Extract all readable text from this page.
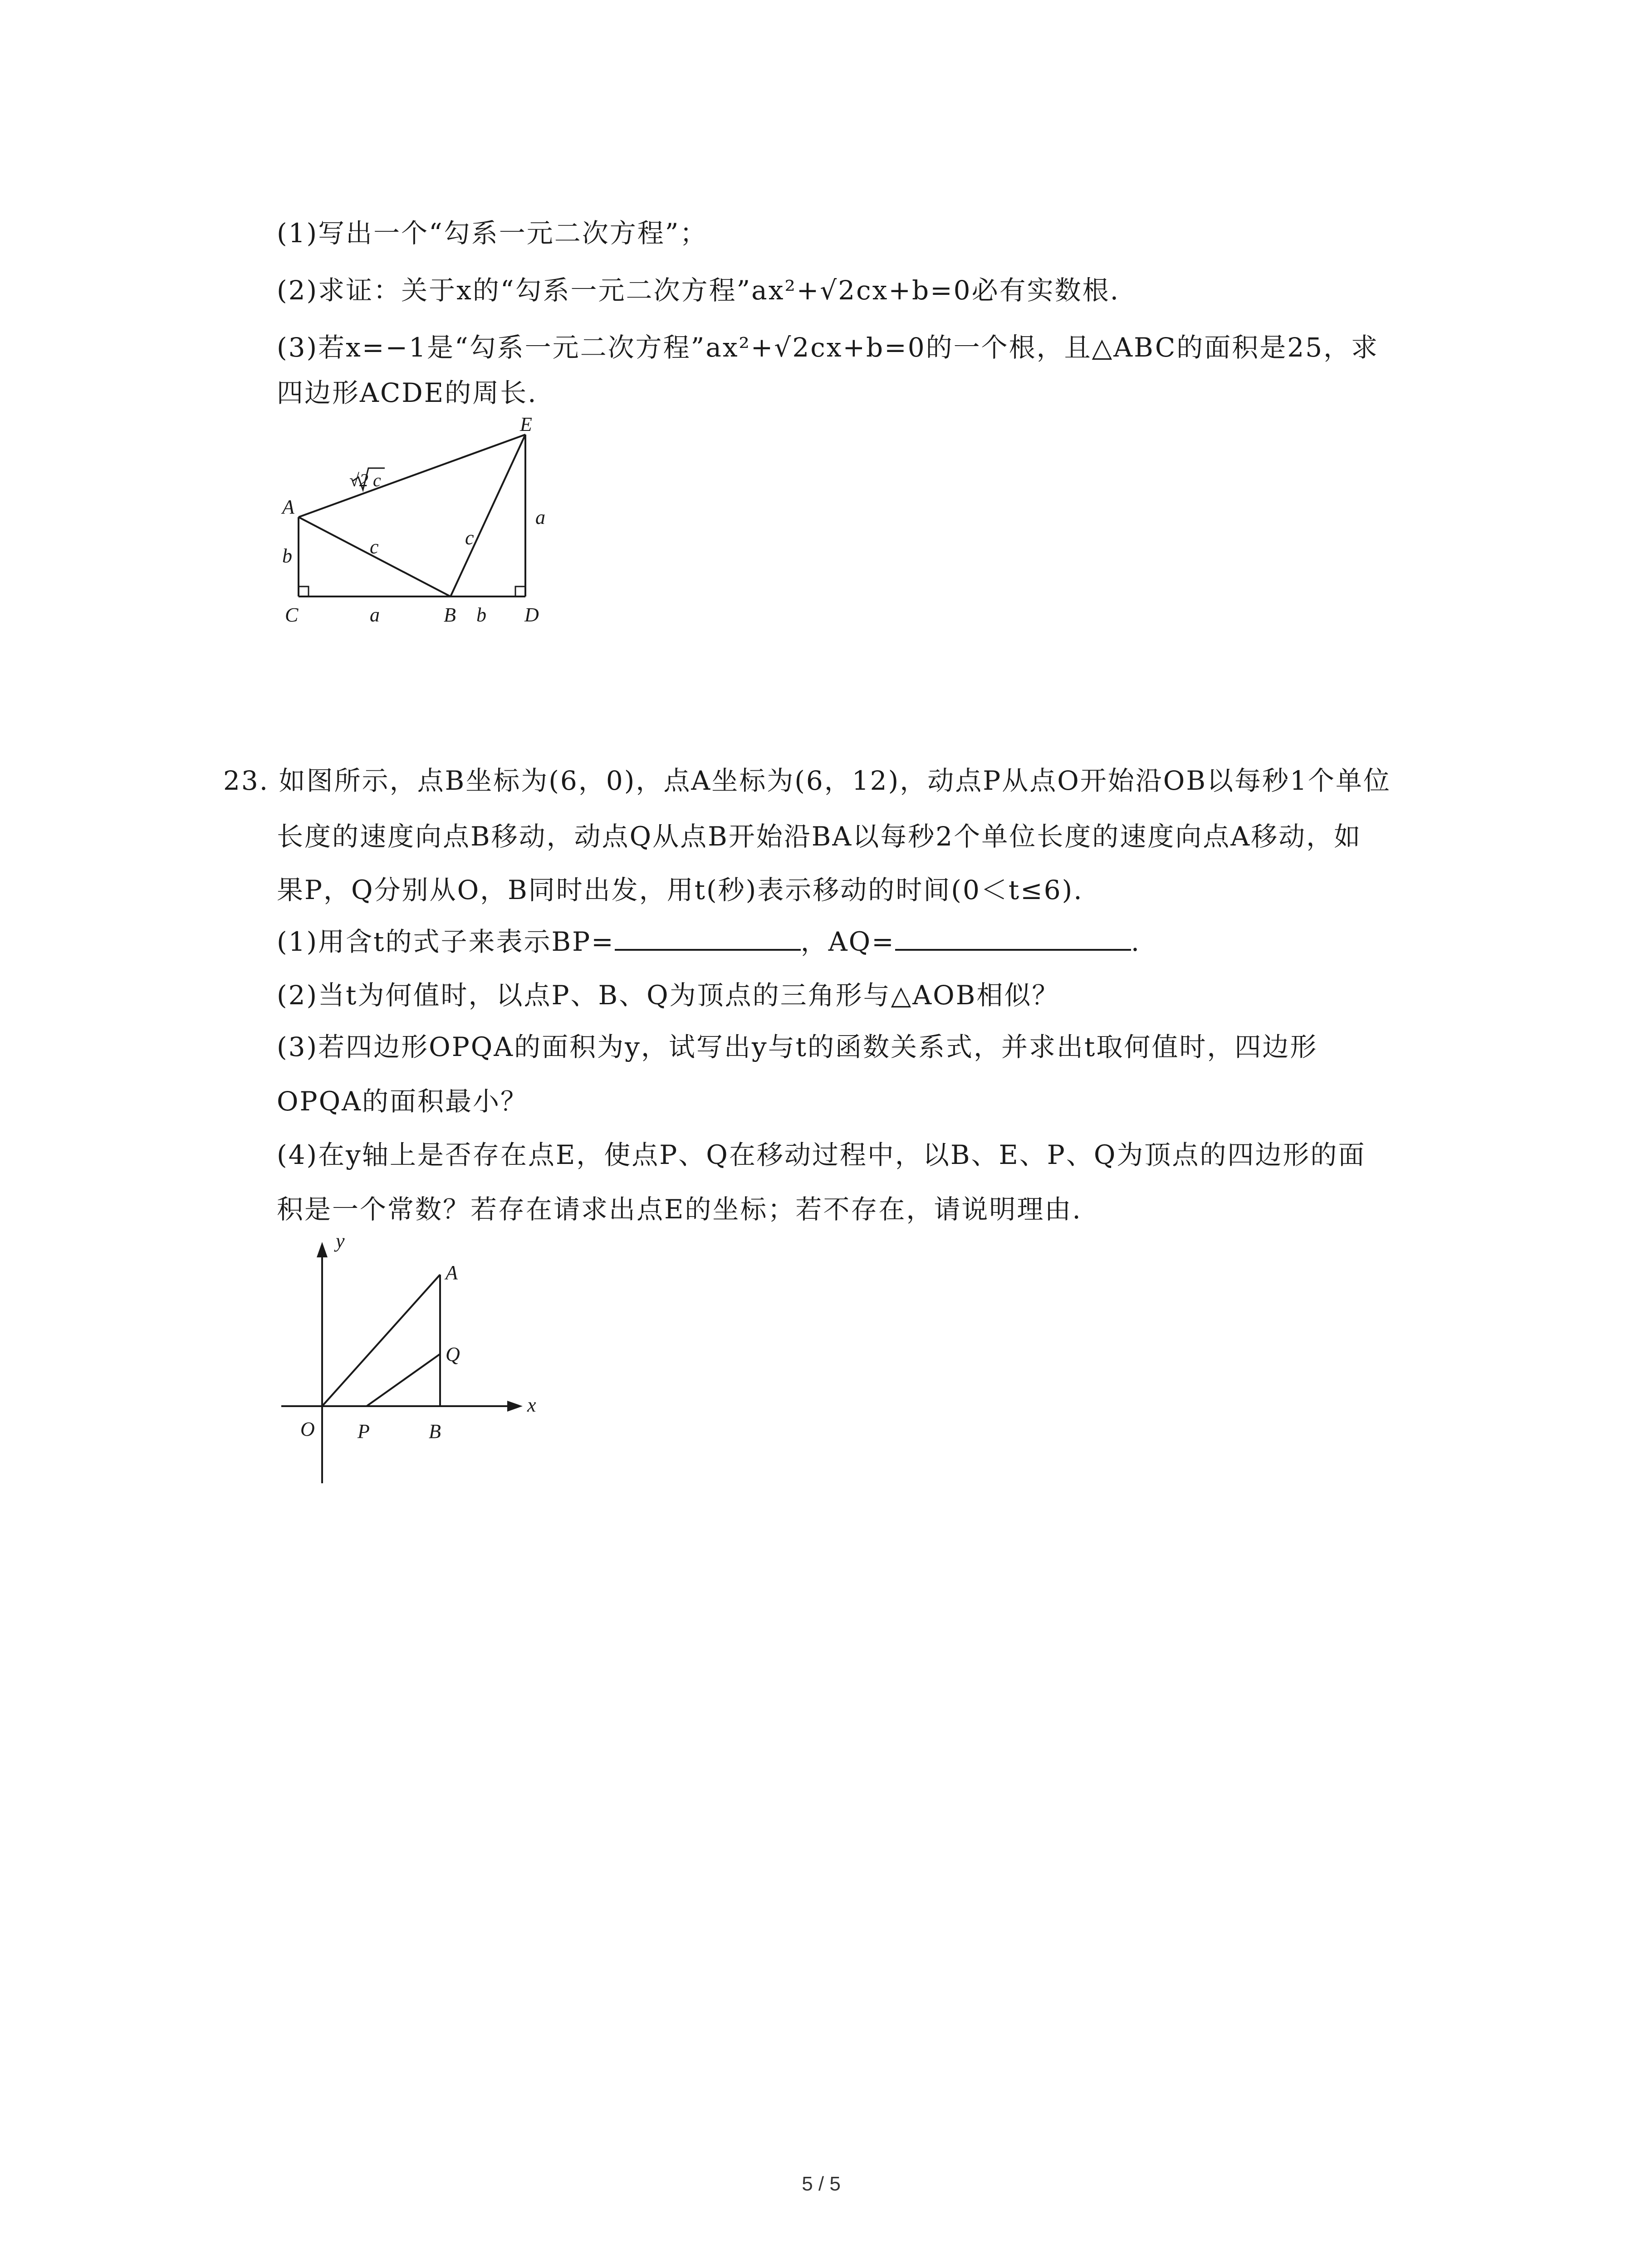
(1)写出一个“勾系一元二次方程”；
(2)求证：关于x的“勾系一元二次方程”ax²+√2cx+b=0必有实数根.
(3)若x=−1是“勾系一元二次方程”ax²+√2cx+b=0的一个根，且△ABC的面积是25，求
四边形ACDE的周长.
A
C	B	D
E
a	b
b
a
c	c
√2 c
23. 如图所示，点B坐标为(6，0)，点A坐标为(6，12)，动点P从点O开始沿OB以每秒1个单位
长度的速度向点B移动，动点Q从点B开始沿BA以每秒2个单位长度的速度向点A移动，如
果P，Q分别从O，B同时出发，用t(秒)表示移动的时间(0＜t≤6).
(1)用含t的式子来表示BP=	，AQ=	.
(2)当t为何值时，以点P、B、Q为顶点的三角形与△AOB相似？
(3)若四边形OPQA的面积为y，试写出y与t的函数关系式，并求出t取何值时，四边形
OPQA的面积最小？
(4)在y轴上是否存在点E，使点P、Q在移动过程中，以B、E、P、Q为顶点的四边形的面
积是一个常数？若存在请求出点E的坐标；若不存在，请说明理由.
y
x
O P	B
A
Q
5 / 5
